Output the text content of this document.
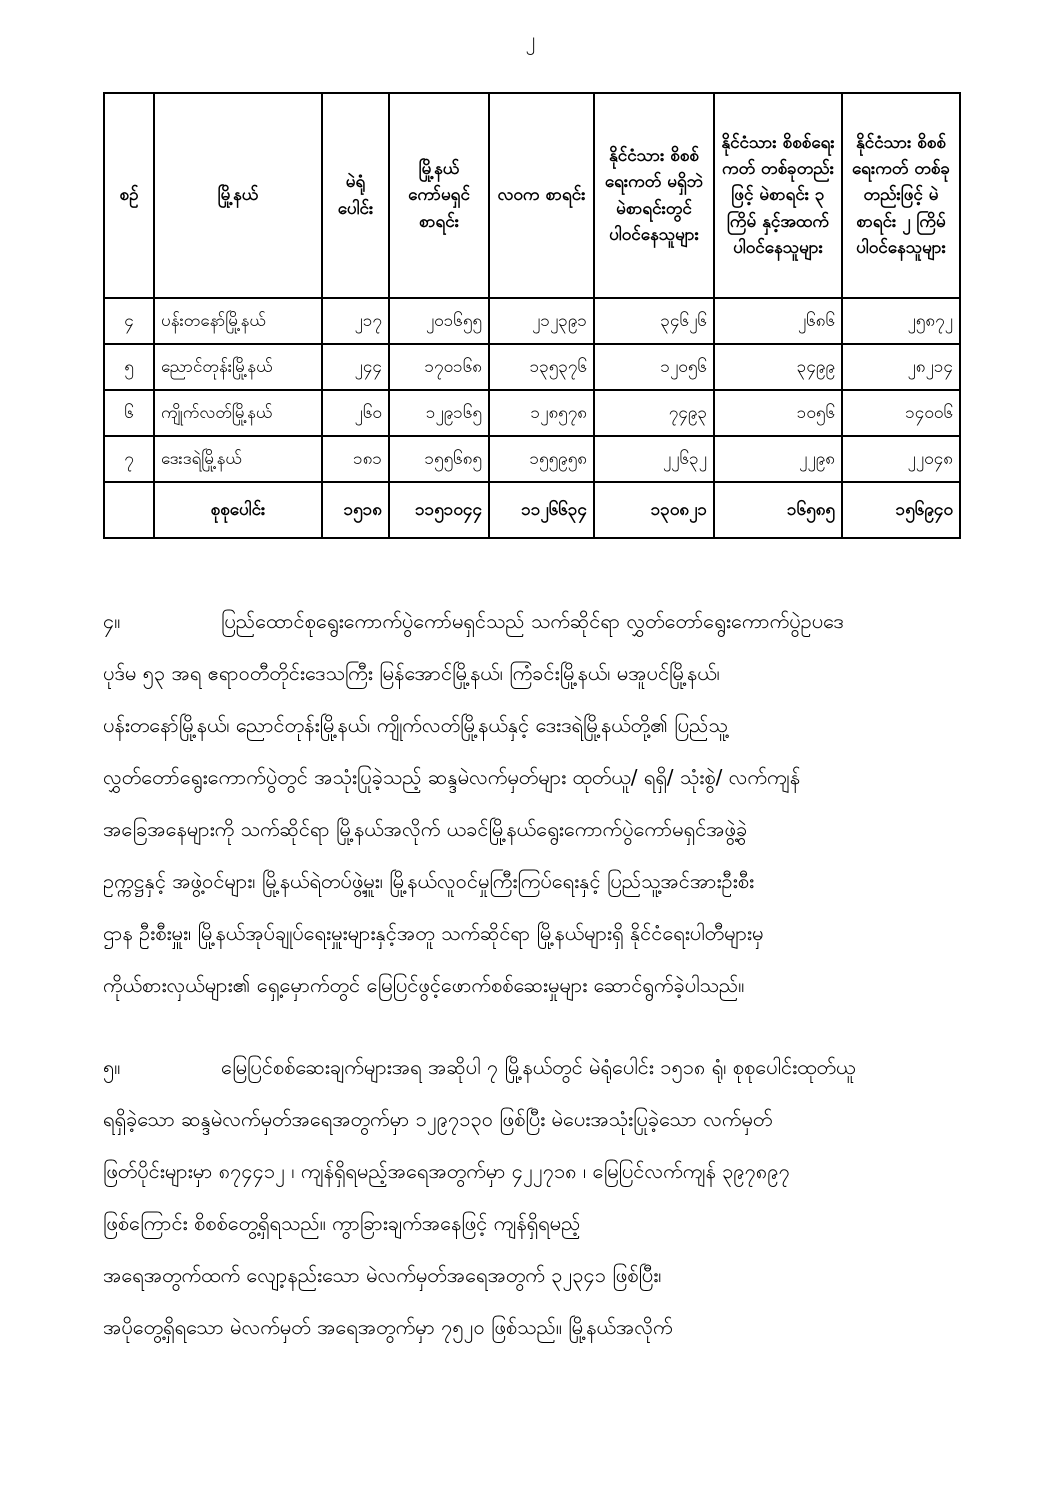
၂
စဉ်	မြို့နယ်	မဲရုံ ပေါင်း	မြို့နယ် ကော်မရှင် စာရင်း	လဝက စာရင်း	နိုင်ငံသား စိစစ်ရေးကတ် မရှိဘဲ မဲစာရင်းတွင် ပါဝင်နေသူများ	နိုင်ငံသား စိစစ်ရေးကတ် တစ်ခုတည်းဖြင့် မဲစာရင်း ၃ ကြိမ် နှင့်အထက် ပါဝင်နေသူများ	နိုင်ငံသား စိစစ်ရေးကတ် တစ်ခုတည်းဖြင့် မဲစာရင်း ၂ ကြိမ် ပါဝင်နေသူများ
၄	ပန်းတနော်မြို့နယ်	၂၁၇	၂၀၁၆၅၅	၂၁၂၃၉၁	၃၄၆၂၆	၂၆၈၆	၂၅၈၇၂
၅	ညောင်တုန်းမြို့နယ်	၂၄၄	၁၇၀၁၆၈	၁၃၅၃၇၆	၁၂၀၅၆	၃၄၉၉	၂၈၂၁၄
၆	ကျိုက်လတ်မြို့နယ်	၂၆၀	၁၂၉၁၆၅	၁၂၈၅၇၈	၇၄၉၃	၁၀၅၆	၁၄၀၀၆
၇	ဒေးဒရဲမြို့နယ်	၁၈၁	၁၅၅၆၈၅	၁၅၅၉၅၈	၂၂၆၃၂	၂၂၉၈	၂၂၀၄၈
	စုစုပေါင်း	၁၅၁၈	၁၁၅၁၀၄၄	၁၁၂၆၆၃၄	၁၃၀၈၂၁	၁၆၅၈၅	၁၅၆၉၄၀
၄။	ပြည်ထောင်စုရွေးကောက်ပွဲကော်မရှင်သည် သက်ဆိုင်ရာ လွှတ်တော်ရွေးကောက်ပွဲဥပဒေ
ပုဒ်မ ၅၃ အရ ဧရာဝတီတိုင်းဒေသကြီး မြန်အောင်မြို့နယ်၊ ကြံခင်းမြို့နယ်၊ မအူပင်မြို့နယ်၊
ပန်းတနော်မြို့နယ်၊ ညောင်တုန်းမြို့နယ်၊ ကျိုက်လတ်မြို့နယ်နှင့် ဒေးဒရဲမြို့နယ်တို့၏ ပြည်သူ့
လွှတ်တော်ရွေးကောက်ပွဲတွင် အသုံးပြုခဲ့သည့် ဆန္ဒမဲလက်မှတ်များ ထုတ်ယူ/ ရရှိ/ သုံးစွဲ/ လက်ကျန်
အခြေအနေများကို သက်ဆိုင်ရာ မြို့နယ်အလိုက် ယခင်မြို့နယ်ရွေးကောက်ပွဲကော်မရှင်အဖွဲ့ခွဲ
ဥက္ကဋ္ဌနှင့် အဖွဲ့ဝင်များ၊ မြို့နယ်ရဲတပ်ဖွဲ့မှူး၊ မြို့နယ်လူဝင်မှုကြီးကြပ်ရေးနှင့် ပြည်သူ့အင်အားဦးစီး
ဌာန ဦးစီးမှူး၊ မြို့နယ်အုပ်ချုပ်ရေးမှူးများနှင့်အတူ သက်ဆိုင်ရာ မြို့နယ်များရှိ နိုင်ငံရေးပါတီများမှ
ကိုယ်စားလှယ်များ၏ ရှေ့မှောက်တွင် မြေပြင်ဖွင့်ဖောက်စစ်ဆေးမှုများ ဆောင်ရွက်ခဲ့ပါသည်။
၅။	မြေပြင်စစ်ဆေးချက်များအရ အဆိုပါ ၇ မြို့နယ်တွင် မဲရုံပေါင်း ၁၅၁၈ ရုံ၊ စုစုပေါင်းထုတ်ယူ
ရရှိခဲ့သော ဆန္ဒမဲလက်မှတ်အရေအတွက်မှာ ၁၂၉၇၁၃၀ ဖြစ်ပြီး မဲပေးအသုံးပြုခဲ့သော လက်မှတ်
ဖြတ်ပိုင်းများမှာ ၈၇၄၄၁၂ ၊ ကျန်ရှိရမည့်အရေအတွက်မှာ ၄၂၂၇၁၈ ၊ မြေပြင်လက်ကျန် ၃၉၇၈၉၇
ဖြစ်ကြောင်း စိစစ်တွေ့ရှိရသည်။ ကွာခြားချက်အနေဖြင့် ကျန်ရှိရမည့်
အရေအတွက်ထက် လျော့နည်းသော မဲလက်မှတ်အရေအတွက် ၃၂၃၄၁ ဖြစ်ပြီး၊
အပိုတွေ့ရှိရသော မဲလက်မှတ် အရေအတွက်မှာ ၇၅၂၀ ဖြစ်သည်။ မြို့နယ်အလိုက်
